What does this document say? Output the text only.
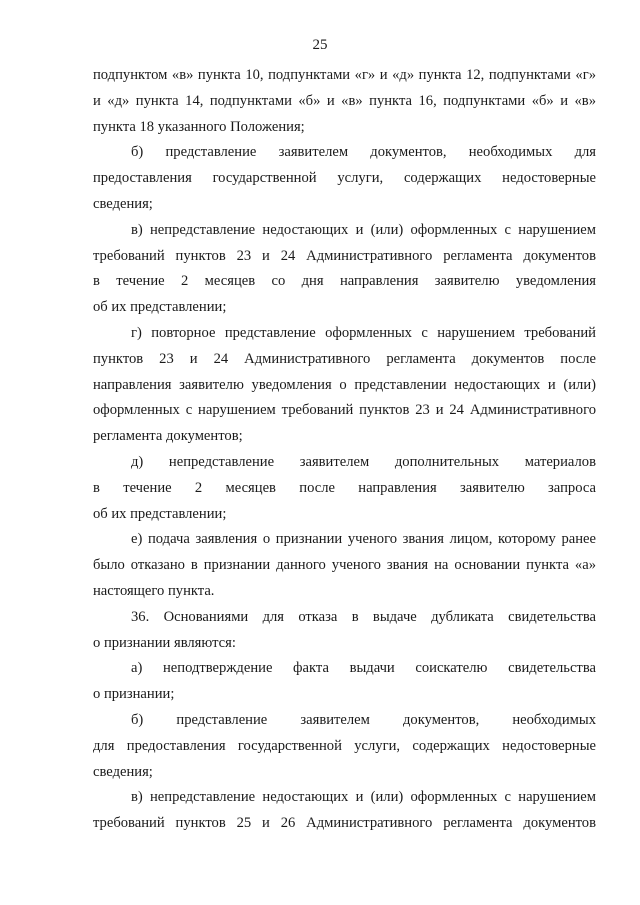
25
подпунктом «в» пункта 10, подпунктами «г» и «д» пункта 12, подпунктами «г»
и «д» пункта 14, подпунктами «б» и «в» пункта 16, подпунктами «б» и «в»
пункта 18 указанного Положения;
б) представление заявителем документов, необходимых для
предоставления государственной услуги, содержащих недостоверные
сведения;
в) непредставление недостающих и (или) оформленных с нарушением
требований пунктов 23 и 24 Административного регламента документов
в течение 2 месяцев со дня направления заявителю уведомления
об их представлении;
г) повторное представление оформленных с нарушением требований
пунктов 23 и 24 Административного регламента документов после
направления заявителю уведомления о представлении недостающих и (или)
оформленных с нарушением требований пунктов 23 и 24 Административного
регламента документов;
д) непредставление заявителем дополнительных материалов
в течение 2 месяцев после направления заявителю запроса
об их представлении;
е) подача заявления о признании ученого звания лицом, которому ранее
было отказано в признании данного ученого звания на основании пункта «а»
настоящего пункта.
36. Основаниями для отказа в выдаче дубликата свидетельства
о признании являются:
а) неподтверждение факта выдачи соискателю свидетельства
о признании;
б) представление заявителем документов, необходимых
для предоставления государственной услуги, содержащих недостоверные
сведения;
в) непредставление недостающих и (или) оформленных с нарушением
требований пунктов 25 и 26 Административного регламента документов
